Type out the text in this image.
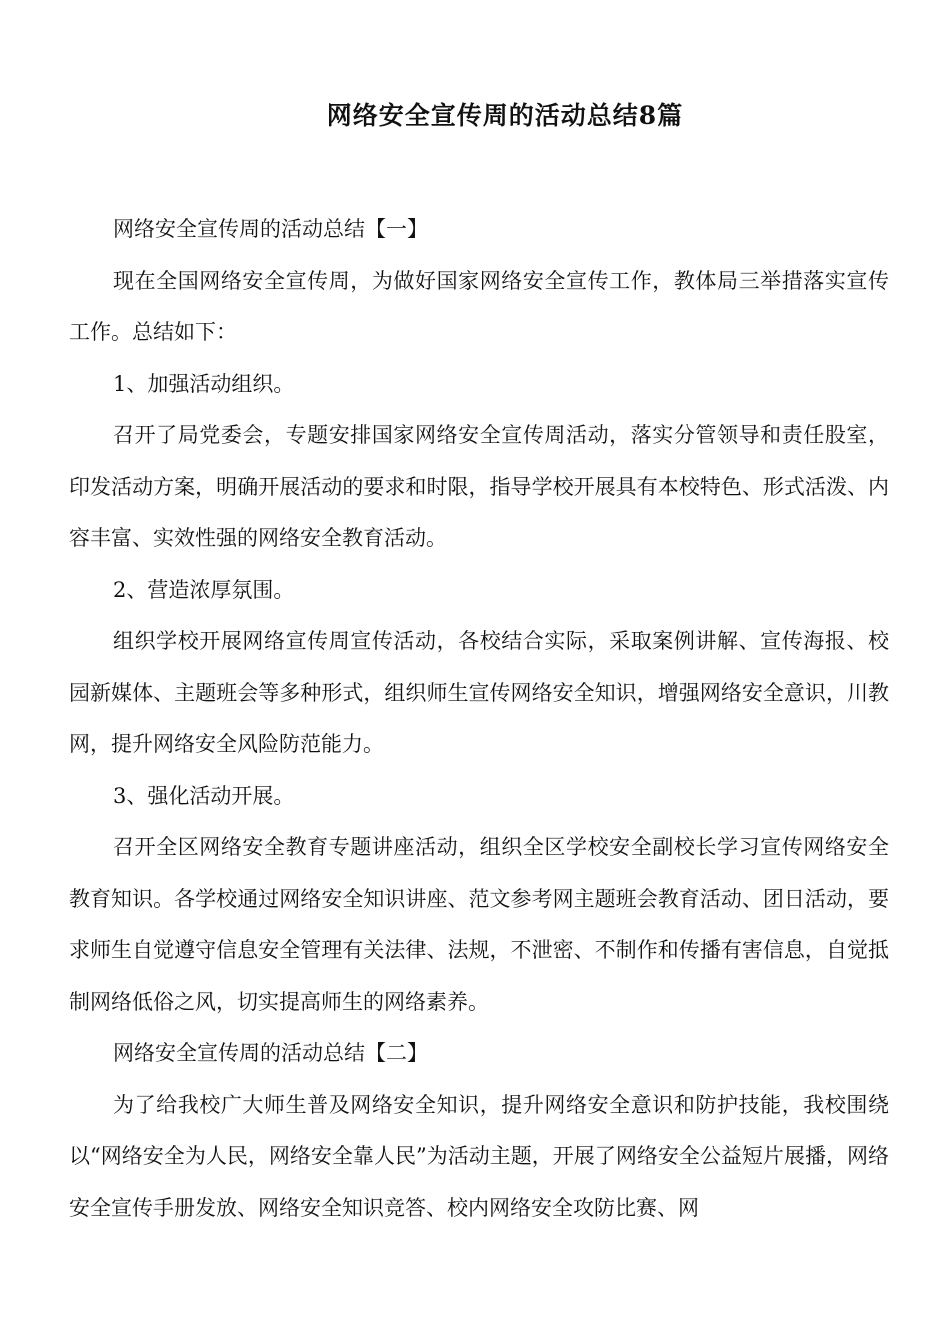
网络安全宣传周的活动总结8篇

网络安全宣传周的活动总结【一】

现在全国网络安全宣传周，为做好国家网络安全宣传工作，教体局三举措落实宣传工作。总结如下：

1、加强活动组织。

召开了局党委会，专题安排国家网络安全宣传周活动，落实分管领导和责任股室，印发活动方案，明确开展活动的要求和时限，指导学校开展具有本校特色、形式活泼、内容丰富、实效性强的网络安全教育活动。

2、营造浓厚氛围。

组织学校开展网络宣传周宣传活动，各校结合实际，采取案例讲解、宣传海报、校园新媒体、主题班会等多种形式，组织师生宣传网络安全知识，增强网络安全意识，川教网，提升网络安全风险防范能力。

3、强化活动开展。

召开全区网络安全教育专题讲座活动，组织全区学校安全副校长学习宣传网络安全教育知识。各学校通过网络安全知识讲座、范文参考网主题班会教育活动、团日活动，要求师生自觉遵守信息安全管理有关法律、法规，不泄密、不制作和传播有害信息，自觉抵制网络低俗之风，切实提高师生的网络素养。

网络安全宣传周的活动总结【二】

为了给我校广大师生普及网络安全知识，提升网络安全意识和防护技能，我校围绕以“网络安全为人民，网络安全靠人民”为活动主题，开展了网络安全公益短片展播，网络安全宣传手册发放、网络安全知识竞答、校内网络安全攻防比赛、网
